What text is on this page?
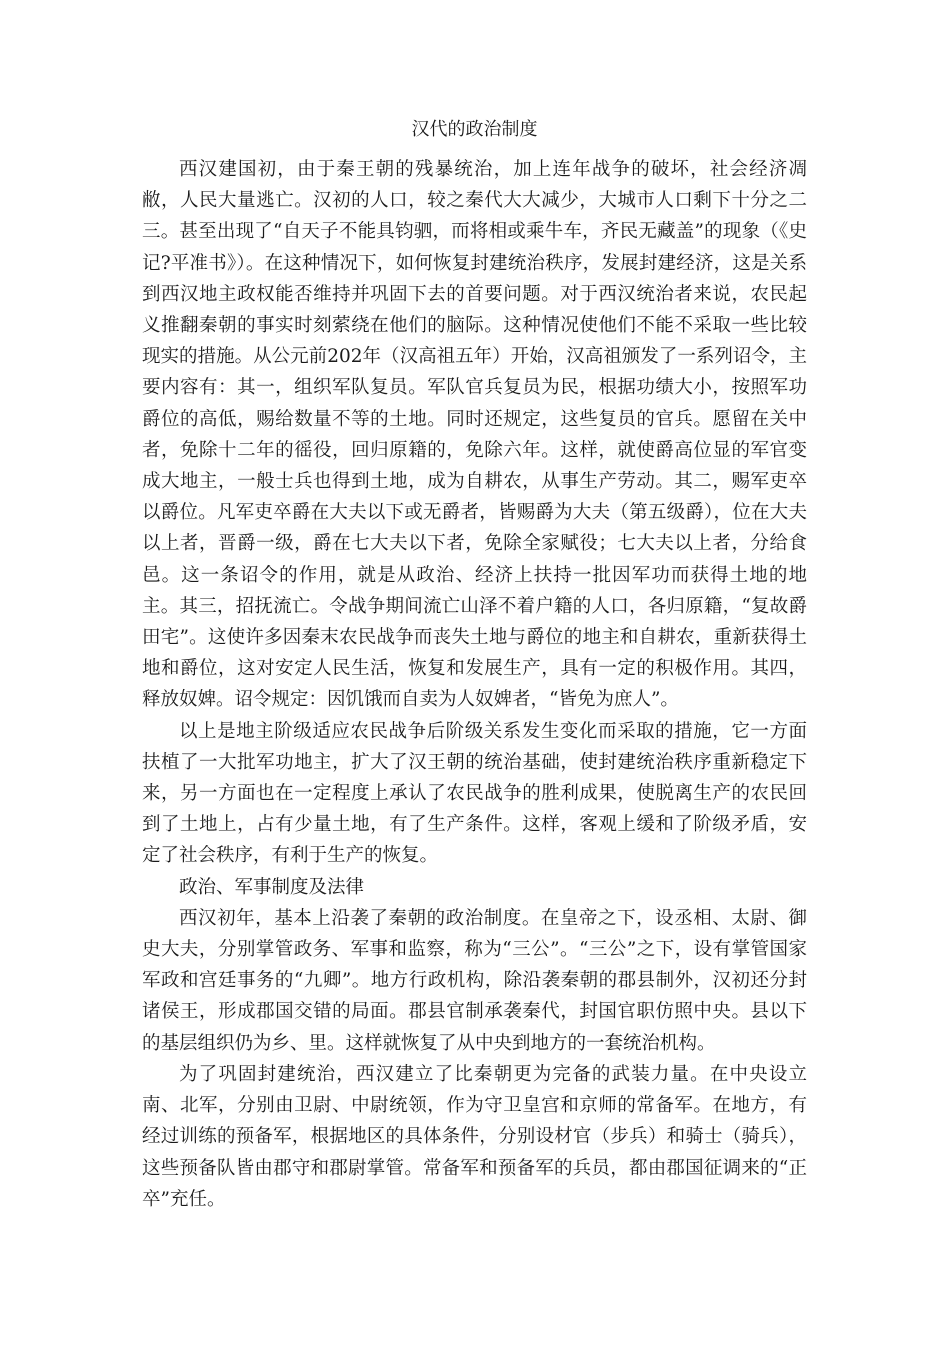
汉代的政治制度

西汉建国初，由于秦王朝的残暴统治，加上连年战争的破坏，社会经济凋敝，人民大量逃亡。汉初的人口，较之秦代大大减少，大城市人口剩下十分之二三。甚至出现了“自天子不能具钧驷，而将相或乘牛车，齐民无藏盖”的现象（《史记?平准书》）。在这种情况下，如何恢复封建统治秩序，发展封建经济，这是关系到西汉地主政权能否维持并巩固下去的首要问题。对于西汉统治者来说，农民起义推翻秦朝的事实时刻萦绕在他们的脑际。这种情况使他们不能不采取一些比较现实的措施。从公元前202年（汉高祖五年）开始，汉高祖颁发了一系列诏令，主要内容有：其一，组织军队复员。军队官兵复员为民，根据功绩大小，按照军功爵位的高低，赐给数量不等的土地。同时还规定，这些复员的官兵。愿留在关中者，免除十二年的徭役，回归原籍的，免除六年。这样，就使爵高位显的军官变成大地主，一般士兵也得到土地，成为自耕农，从事生产劳动。其二，赐军吏卒以爵位。凡军吏卒爵在大夫以下或无爵者，皆赐爵为大夫（第五级爵），位在大夫以上者，晋爵一级，爵在七大夫以下者，免除全家赋役；七大夫以上者，分给食邑。这一条诏令的作用，就是从政治、经济上扶持一批因军功而获得土地的地主。其三，招抚流亡。令战争期间流亡山泽不着户籍的人口，各归原籍，“复故爵田宅”。这使许多因秦末农民战争而丧失土地与爵位的地主和自耕农，重新获得土地和爵位，这对安定人民生活，恢复和发展生产，具有一定的积极作用。其四，释放奴婢。诏令规定：因饥饿而自卖为人奴婢者，“皆免为庶人”。

以上是地主阶级适应农民战争后阶级关系发生变化而采取的措施，它一方面扶植了一大批军功地主，扩大了汉王朝的统治基础，使封建统治秩序重新稳定下来，另一方面也在一定程度上承认了农民战争的胜利成果，使脱离生产的农民回到了土地上，占有少量土地，有了生产条件。这样，客观上缓和了阶级矛盾，安定了社会秩序，有利于生产的恢复。

政治、军事制度及法律

西汉初年，基本上沿袭了秦朝的政治制度。在皇帝之下，设丞相、太尉、御史大夫，分别掌管政务、军事和监察，称为“三公”。“三公”之下，设有掌管国家军政和宫廷事务的“九卿”。地方行政机构，除沿袭秦朝的郡县制外，汉初还分封诸侯王，形成郡国交错的局面。郡县官制承袭秦代，封国官职仿照中央。县以下的基层组织仍为乡、里。这样就恢复了从中央到地方的一套统治机构。

为了巩固封建统治，西汉建立了比秦朝更为完备的武装力量。在中央设立南、北军，分别由卫尉、中尉统领，作为守卫皇宫和京师的常备军。在地方，有经过训练的预备军，根据地区的具体条件，分别设材官（步兵）和骑士（骑兵），这些预备队皆由郡守和郡尉掌管。常备军和预备军的兵员，都由郡国征调来的“正卒”充任。
